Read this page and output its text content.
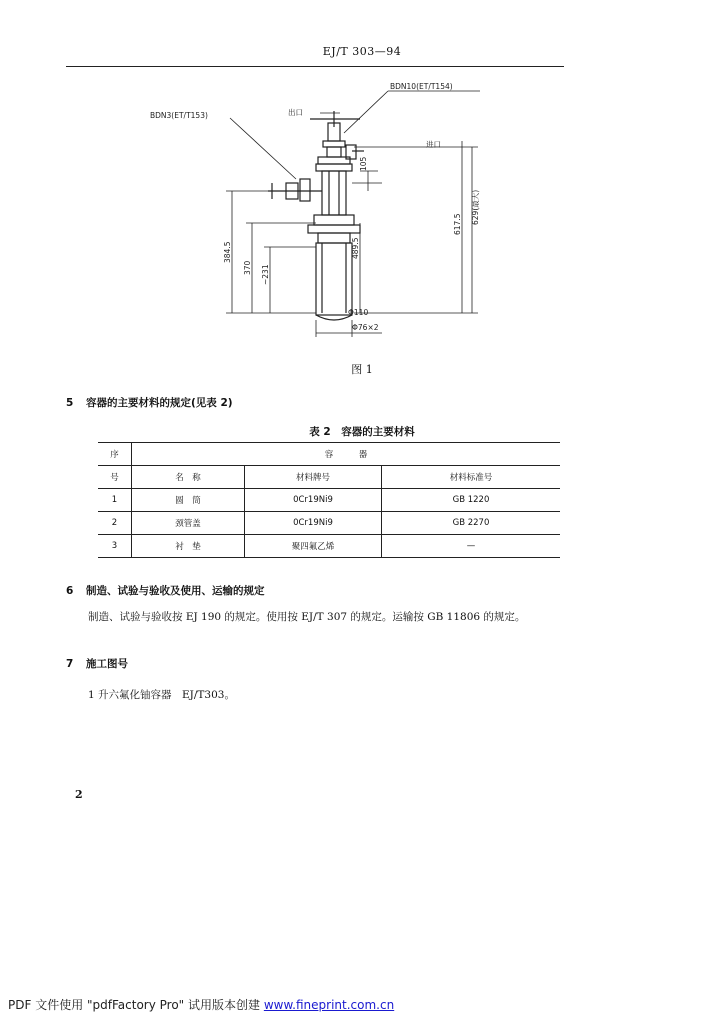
EJ/T 303—94
BDN3(ET/T153)
BDN10(ET/T154)
出口
进口
Φ110
Φ76×2
105
617.5 629(最大)
489.5
384.5
370 ~231
图 1
5 容器的主要材料的规定(见表 2)
表 2　容器的主要材料
序	容　　　器		
号	名　称	材料牌号	材料标准号
1	圆　筒	0Cr19Ni9	GB 1220
2	颈管盖	0Cr19Ni9	GB 2270
3	衬　垫	聚四氟乙烯	—
6 制造、试验与验收及使用、运输的规定
制造、试验与验收按 EJ 190 的规定。使用按 EJ/T 307 的规定。运输按 GB 11806 的规定。
7 施工图号
1 升六氟化铀容器　EJ/T303。
2
PDF 文件使用 "pdfFactory Pro" 试用版本创建 www.fineprint.com.cn
